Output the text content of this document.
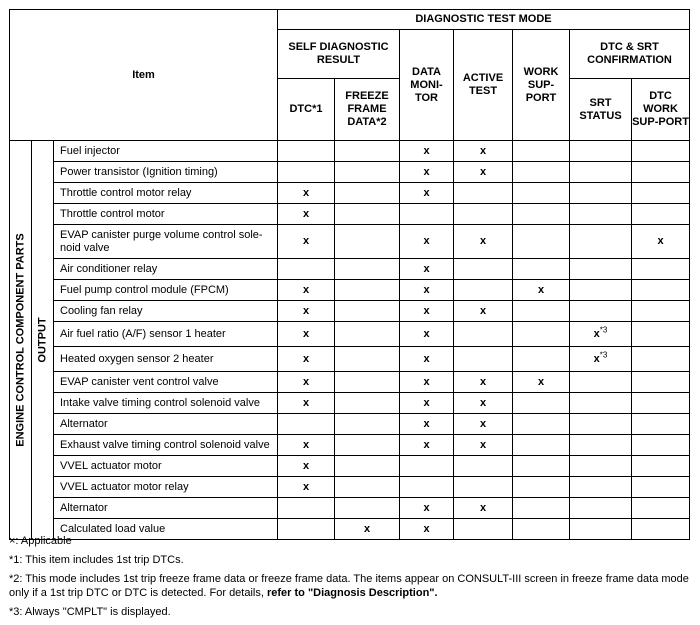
Item			DIAGNOSTIC TEST MODE						
			SELF DIAGNOSTIC RESULT		DATA MONI-TOR	ACTIVE TEST	WORK SUP-PORT	DTC & SRT CONFIRMATION	
			DTC*1	FREEZE FRAME DATA*2				SRT STATUS	DTC WORK SUP-PORT

ENGINE CONTROL COMPONENT PARTS	OUTPUT	Fuel injector			x	x			
		Power transistor (Ignition timing)			x	x			
		Throttle control motor relay	x		x				
		Throttle control motor	x						
		EVAP canister purge volume control sole-noid valve	x		x	x			x
		Air conditioner relay			x				
		Fuel pump control module (FPCM)	x		x		x		
		Cooling fan relay	x		x	x			
		Air fuel ratio (A/F) sensor 1 heater	x		x			$x^{*3}$	
		Heated oxygen sensor 2 heater	x		x			$x^{*3}$	
		EVAP canister vent control valve	x		x	x	x		
		Intake valve timing control solenoid valve	x		x	x			
		Alternator			x	x			
		Exhaust valve timing control solenoid valve	x		x	x			
		VVEL actuator motor	x						
		VVEL actuator motor relay	x						
		Alternator			x	x			
		Calculated load value		x	x				

×: Applicable

*1: This item includes 1st trip DTCs.

*2: This mode includes 1st trip freeze frame data or freeze frame data. The items appear on CONSULT-III screen in freeze frame data mode only if a 1st trip DTC or DTC is detected. For details, refer to "Diagnosis Description".

*3: Always "CMPLT" is displayed.
